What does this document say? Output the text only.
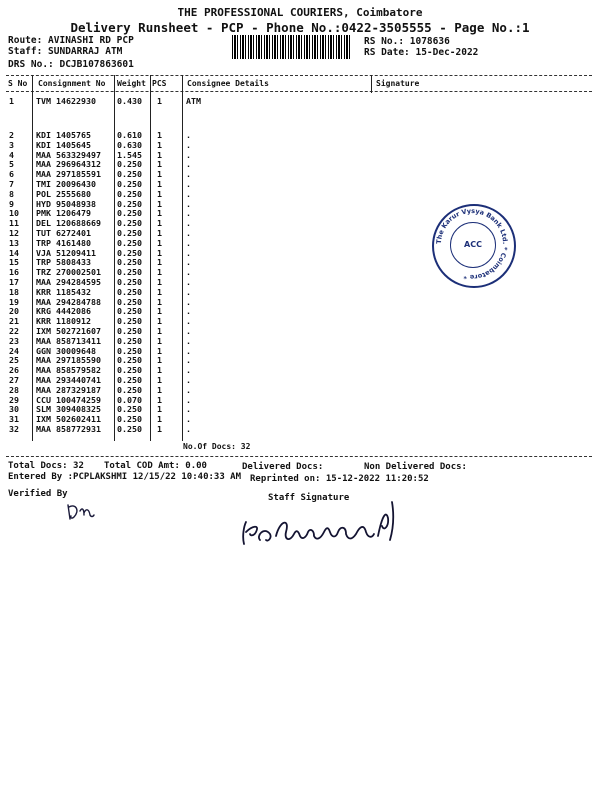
THE PROFESSIONAL COURIERS, Coimbatore
Delivery Runsheet - PCP - Phone No.:0422-3505555 - Page No.:1
Route: AVINASHI RD PCP
Staff: SUNDARRAJ ATM
DRS No.: DCJB107863601
RS No.: 1078636
RS Date: 15-Dec-2022
S No Consignment No Weight PCS	Consignee Details	Signature
1	TVM 14622930	0.430 1	ATM
2	KDI 1405765	0.610 1	.
3	KDI 1405645	0.630 1	.
4	MAA 563329497 1.545 1	.
5	MAA 296964312 0.250 1	.
6	MAA 297185591 0.250 1	.
7	TMI 20096430	0.250 1	.
8	POL 2555680	0.250 1	.
9	HYD 95048938	0.250 1	.
10 PMK 1206479	0.250 1	.
11 DEL 120688669 0.250 1	.
12 TUT 6272401	0.250 1	.
13 TRP 4161480	0.250 1	.
14 VJA 51209411	0.250 1	.
15 TRP 5808433	0.250 1	.
16 TRZ 270002501 0.250 1	.
17 MAA 294284595 0.250 1	.
18 KRR 1185432	0.250 1	.
19 MAA 294284788 0.250 1	.
20 KRG 4442086	0.250 1	.
21 KRR 1180912	0.250 1	.
22 IXM 502721607 0.250 1	.
23 MAA 858713411 0.250 1	.
24 GGN 30009648	0.250 1	.
25 MAA 297185590 0.250 1	.
26 MAA 858579582 0.250 1	.
27 MAA 293440741 0.250 1	.
28 MAA 287329187 0.250 1	.
29 CCU 100474259 0.070 1	.
30 SLM 309408325 0.250 1	.
31 IXM 502602411 0.250 1	.
32 MAA 858772931 0.250 1	.
No.Of Docs: 32
The Karur Vysya Bank Ltd. * Coimbatore *
ACC
Total Docs: 32 Total COD Amt: 0.00	Delivered Docs:	Non Delivered Docs:
Entered By :PCPLAKSHMI 12/15/22 10:40:33 AM Reprinted on: 15-12-2022 11:20:52
Verified By	Staff Signature
